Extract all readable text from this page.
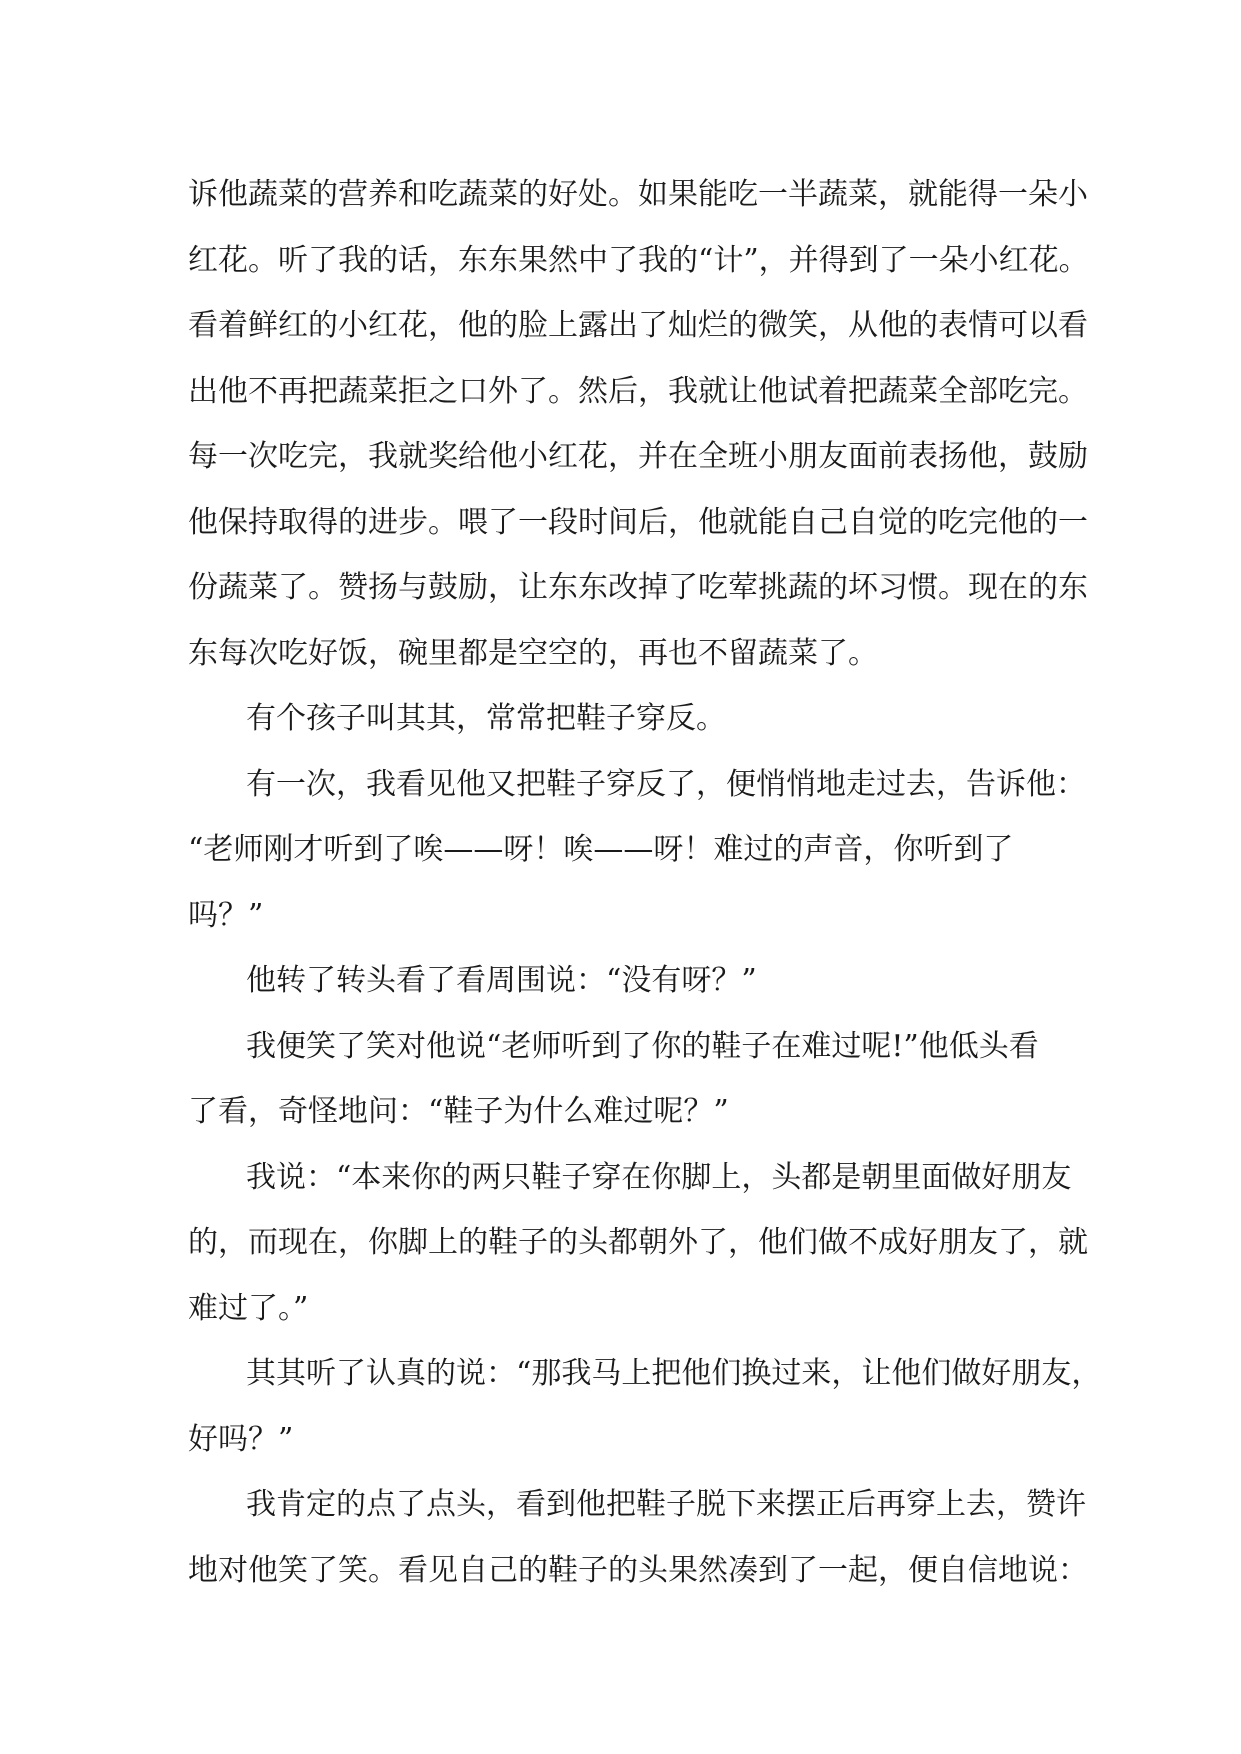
诉他蔬菜的营养和吃蔬菜的好处。如果能吃一半蔬菜，就能得一朵小
红花。听了我的话，东东果然中了我的“计”，并得到了一朵小红花。
看着鲜红的小红花，他的脸上露出了灿烂的微笑，从他的表情可以看
出他不再把蔬菜拒之口外了。然后，我就让他试着把蔬菜全部吃完。
每一次吃完，我就奖给他小红花，并在全班小朋友面前表扬他，鼓励
他保持取得的进步。喂了一段时间后，他就能自己自觉的吃完他的一
份蔬菜了。赞扬与鼓励，让东东改掉了吃荤挑蔬的坏习惯。现在的东
东每次吃好饭，碗里都是空空的，再也不留蔬菜了。
有个孩子叫其其，常常把鞋子穿反。
有一次，我看见他又把鞋子穿反了，便悄悄地走过去，告诉他：
“老师刚才听到了唉——呀！唉——呀！难过的声音，你听到了
吗？”
他转了转头看了看周围说：“没有呀？”
我便笑了笑对他说“老师听到了你的鞋子在难过呢!”他低头看
了看，奇怪地问：“鞋子为什么难过呢？”
我说：“本来你的两只鞋子穿在你脚上，头都是朝里面做好朋友
的，而现在，你脚上的鞋子的头都朝外了，他们做不成好朋友了，就
难过了。”
其其听了认真的说：“那我马上把他们换过来，让他们做好朋友，
好吗？”
我肯定的点了点头，看到他把鞋子脱下来摆正后再穿上去，赞许
地对他笑了笑。看见自己的鞋子的头果然凑到了一起，便自信地说：
